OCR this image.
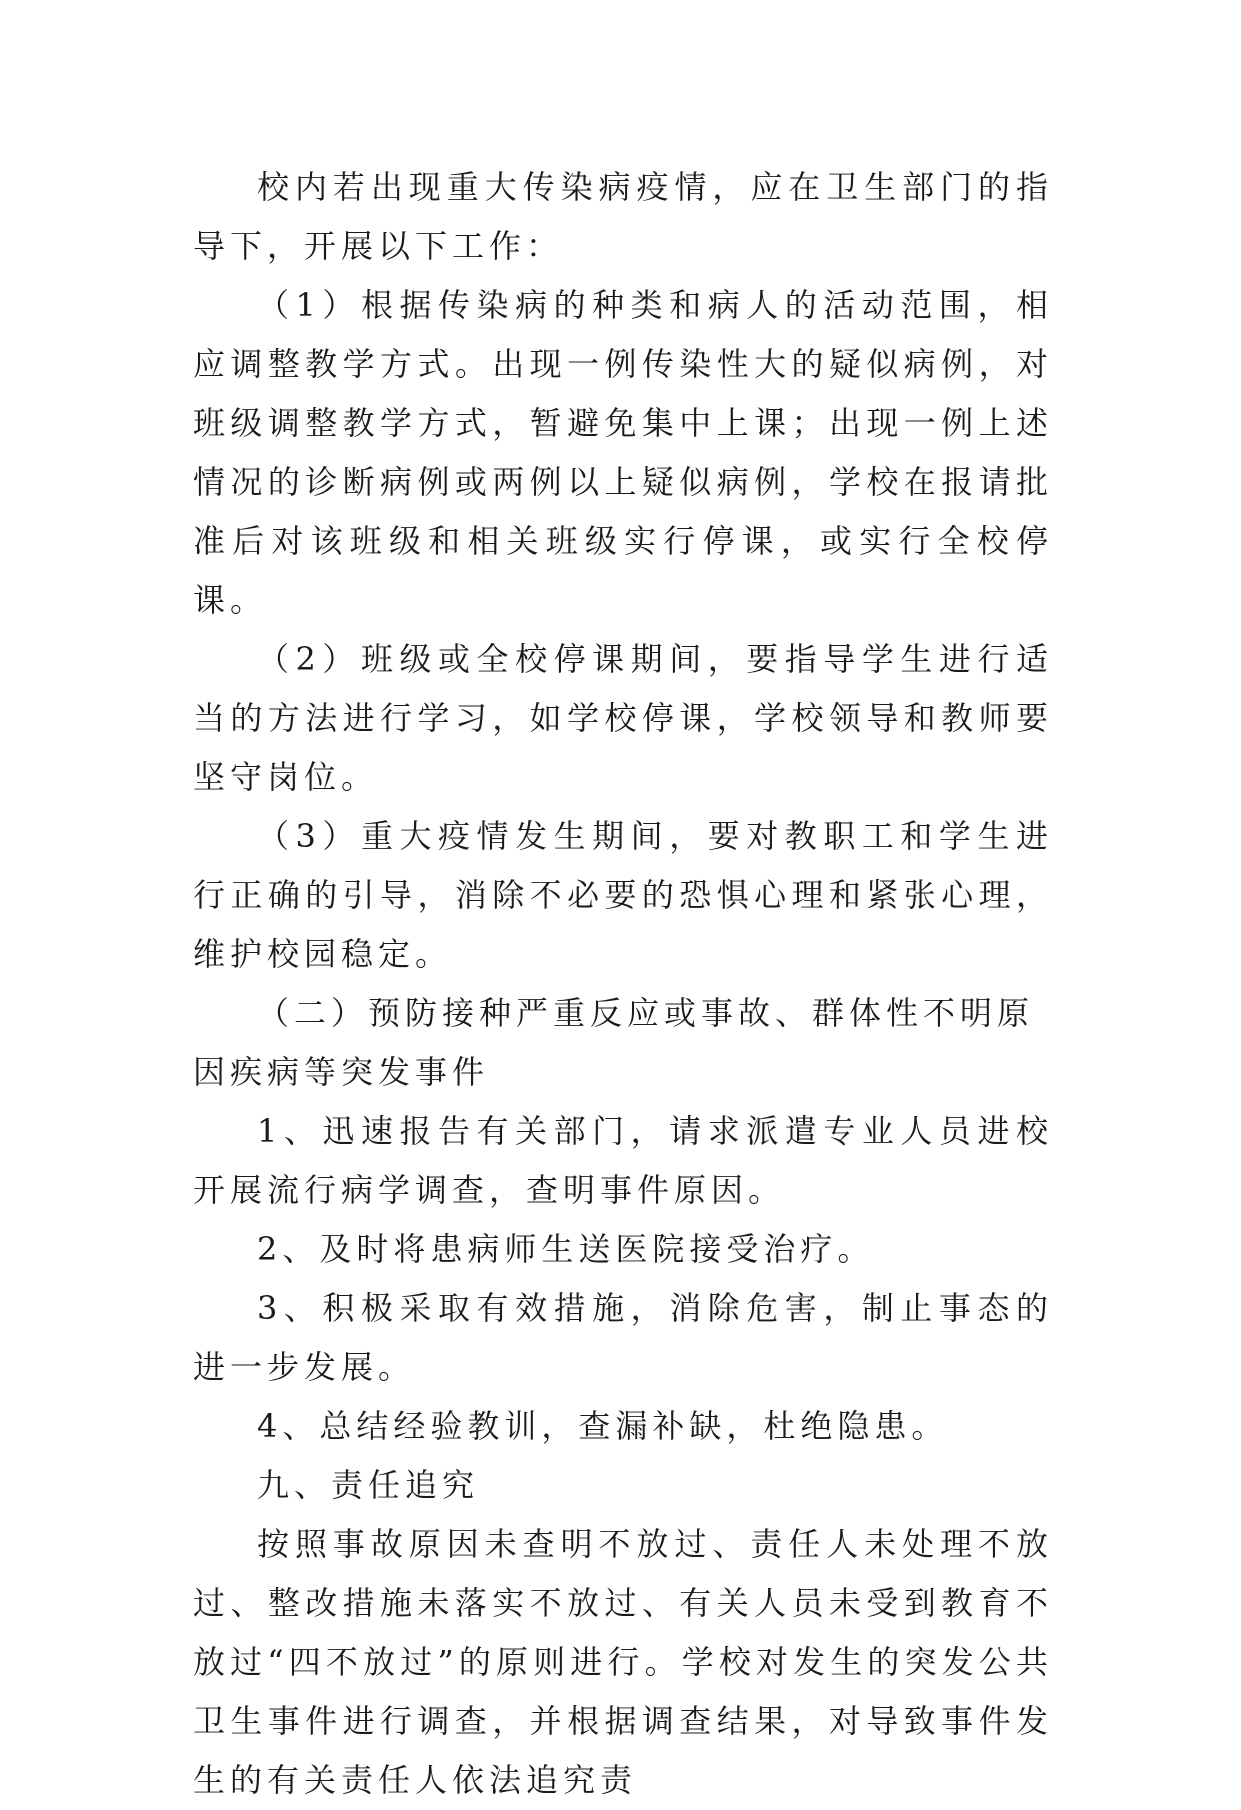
校内若出现重大传染病疫情，应在卫生部门的指导下，开展以下工作：

（1）根据传染病的种类和病人的活动范围，相应调整教学方式。出现一例传染性大的疑似病例，对班级调整教学方式，暂避免集中上课；出现一例上述情况的诊断病例或两例以上疑似病例，学校在报请批准后对该班级和相关班级实行停课，或实行全校停课。

（2）班级或全校停课期间，要指导学生进行适当的方法进行学习，如学校停课，学校领导和教师要坚守岗位。

（3）重大疫情发生期间，要对教职工和学生进行正确的引导，消除不必要的恐惧心理和紧张心理，维护校园稳定。

（二）预防接种严重反应或事故、群体性不明原因疾病等突发事件

1、迅速报告有关部门，请求派遣专业人员进校开展流行病学调查，查明事件原因。

2、及时将患病师生送医院接受治疗。

3、积极采取有效措施，消除危害，制止事态的进一步发展。

4、总结经验教训，查漏补缺，杜绝隐患。

九、责任追究

按照事故原因未查明不放过、责任人未处理不放过、整改措施未落实不放过、有关人员未受到教育不放过“四不放过”的原则进行。学校对发生的突发公共卫生事件进行调查，并根据调查结果，对导致事件发生的有关责任人依法追究责
